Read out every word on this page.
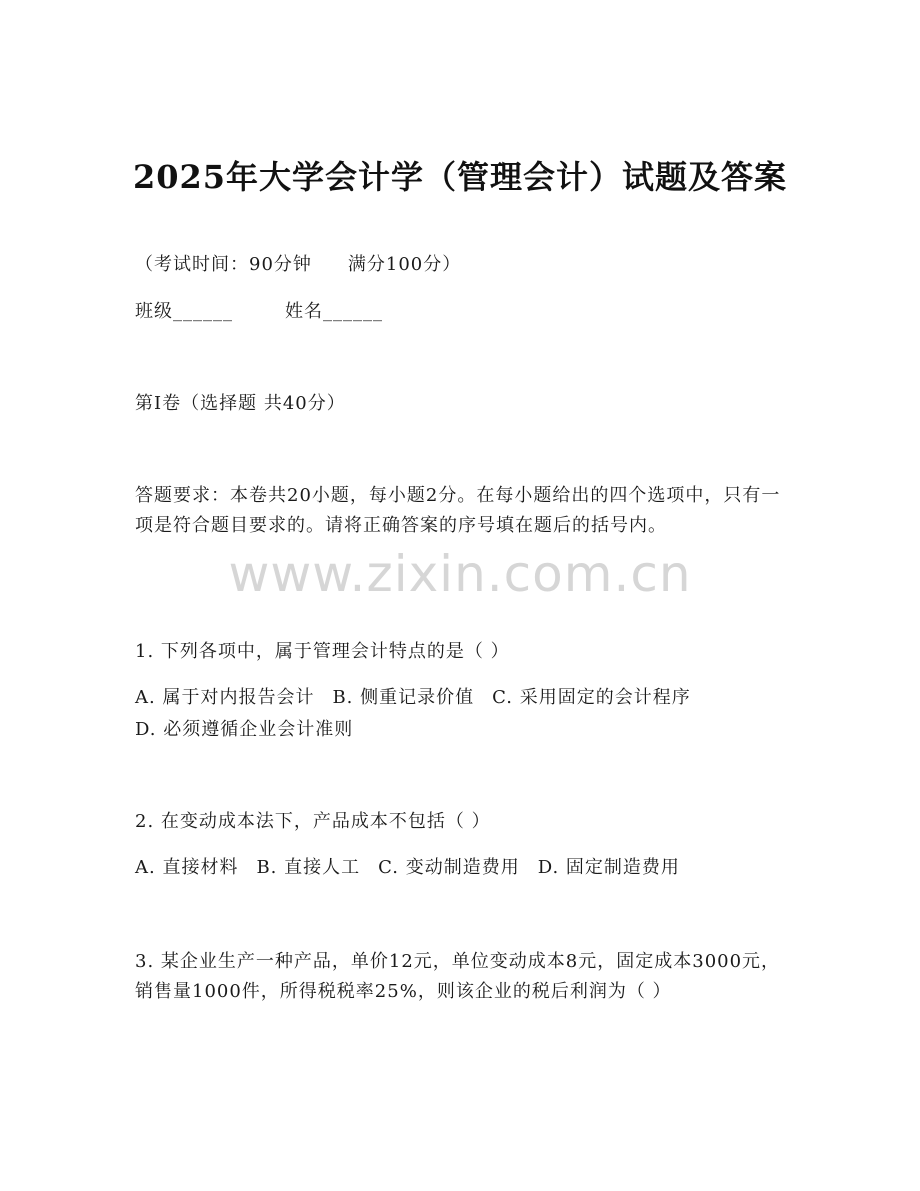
2025年大学会计学（管理会计）试题及答案
（考试时间：90分钟 满分100分）
班级______	姓名______
第Ⅰ卷（选择题 共40分）
答题要求：本卷共20小题，每小题2分。在每小题给出的四个选项中，只有一项是符合题目要求的。请将正确答案的序号填在题后的括号内。
www.zixin.com.cn
1. 下列各项中，属于管理会计特点的是（ ）
A. 属于对内报告会计 B. 侧重记录价值 C. 采用固定的会计程序
D. 必须遵循企业会计准则
2. 在变动成本法下，产品成本不包括（ ）
A. 直接材料 B. 直接人工 C. 变动制造费用 D. 固定制造费用
3. 某企业生产一种产品，单价12元，单位变动成本8元，固定成本3000元，销售量1000件，所得税税率25%，则该企业的税后利润为（ ）
